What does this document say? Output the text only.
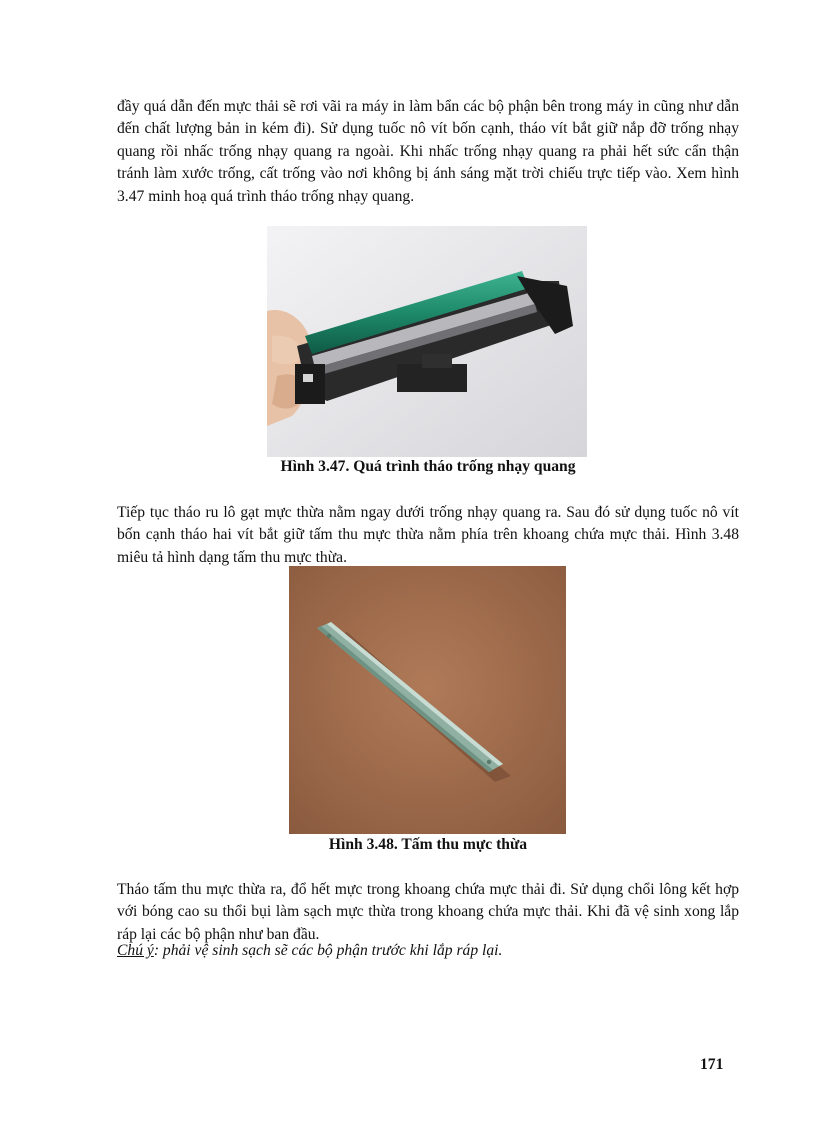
đầy quá dẫn đến mực thải sẽ rơi vãi ra máy in làm bẩn các bộ phận bên trong máy in cũng như dẫn đến chất lượng bản in kém đi). Sử dụng tuốc nô vít bốn cạnh, tháo vít bắt giữ nắp đỡ trống nhạy quang rồi nhấc trống nhạy quang ra ngoài. Khi nhấc trống nhạy quang ra phải hết sức cẩn thận tránh làm xước trống, cất trống vào nơi không bị ánh sáng mặt trời chiếu trực tiếp vào. Xem hình 3.47 minh hoạ quá trình tháo trống nhạy quang.

Hình 3.47. Quá trình tháo trống nhạy quang

Tiếp tục tháo ru lô gạt mực thừa nằm ngay dưới trống nhạy quang ra. Sau đó sử dụng tuốc nô vít bốn cạnh tháo hai vít bắt giữ tấm thu mực thừa nằm phía trên khoang chứa mực thải. Hình 3.48 miêu tả hình dạng tấm thu mực thừa.

Hình 3.48. Tấm thu mực thừa

Tháo tấm thu mực thừa ra, đổ hết mực trong khoang chứa mực thải đi. Sử dụng chổi lông kết hợp với bóng cao su thổi bụi làm sạch mực thừa trong khoang chứa mực thải. Khi đã vệ sinh xong lắp ráp lại các bộ phận như ban đầu.

Chú ý: phải vệ sinh sạch sẽ các bộ phận trước khi lắp ráp lại.

171
